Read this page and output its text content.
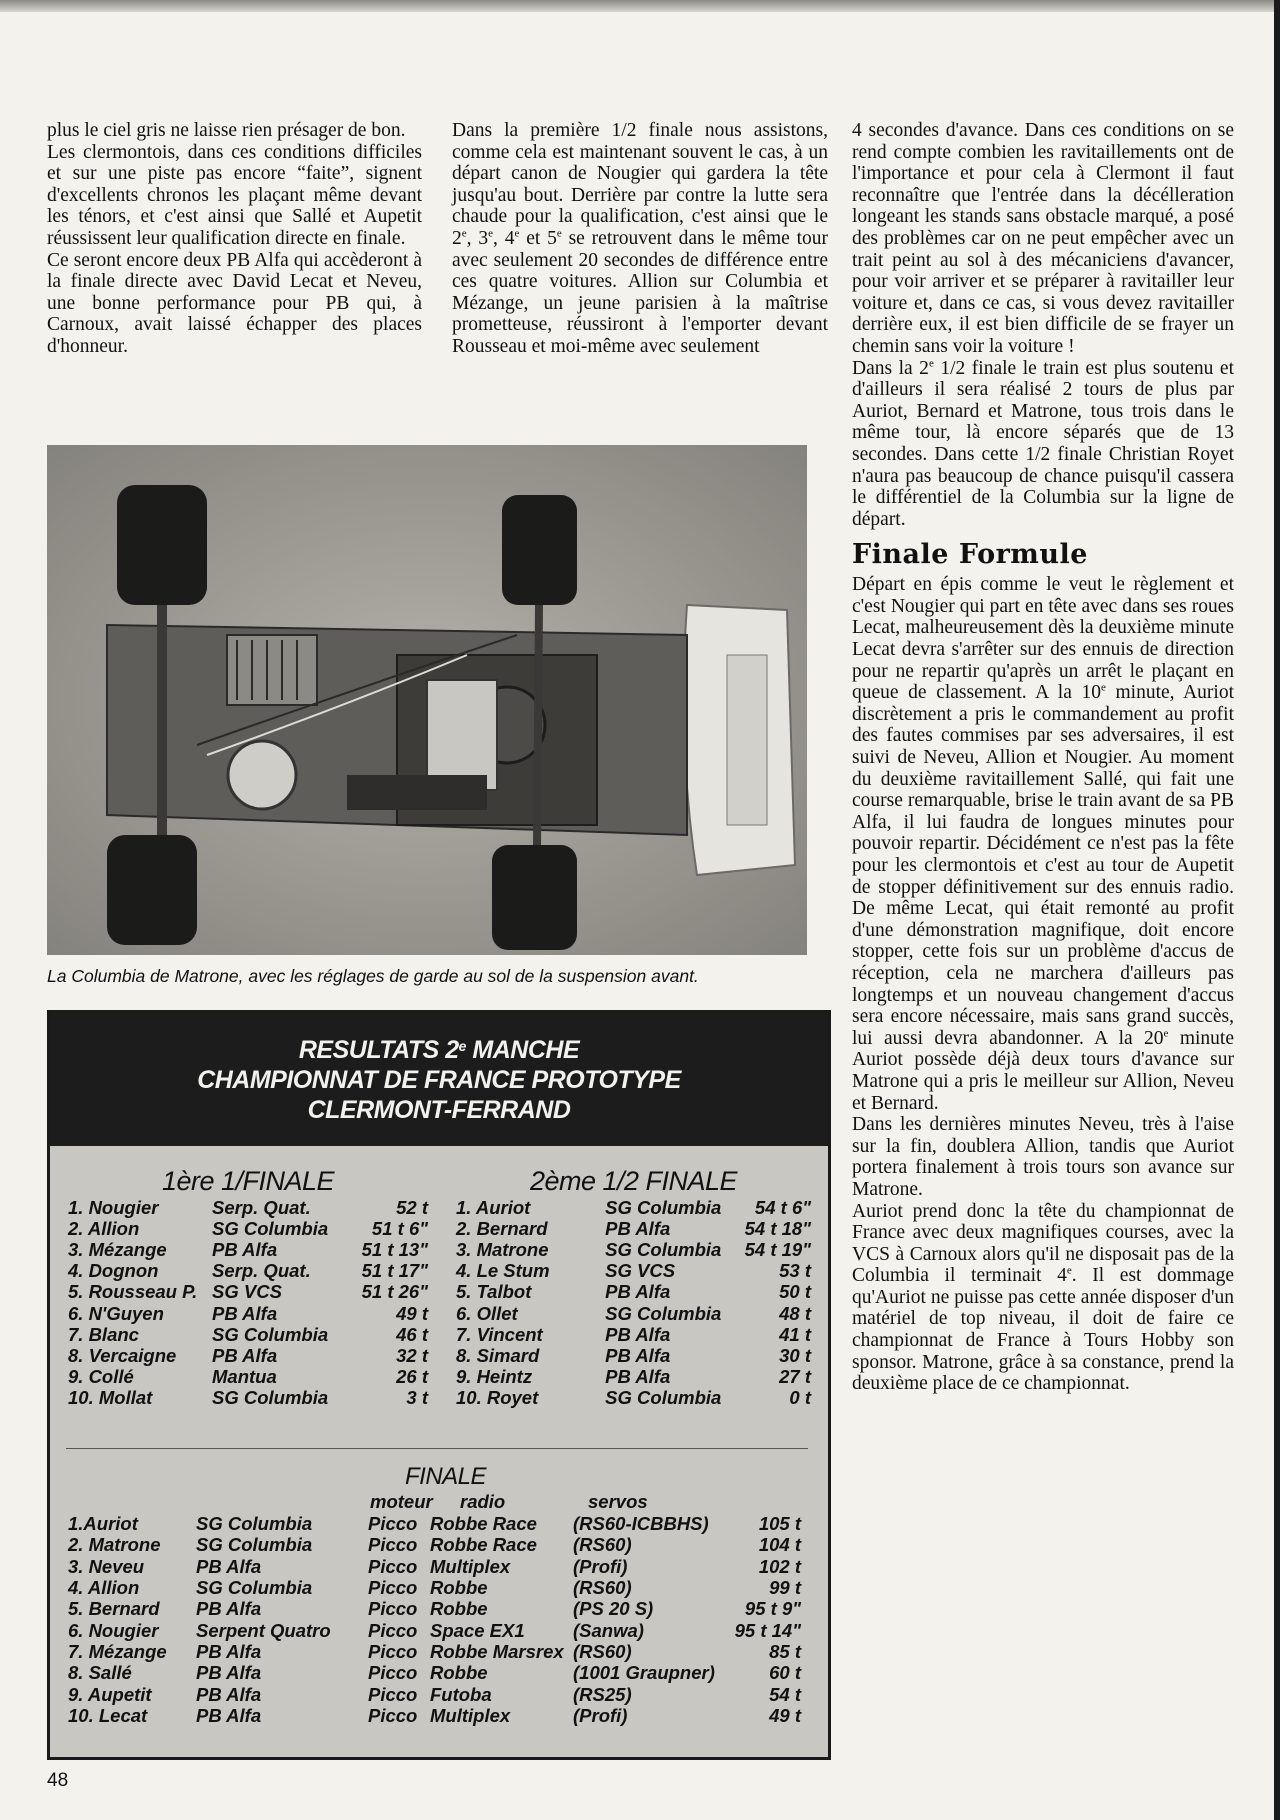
plus le ciel gris ne laisse rien présager de bon.

Les clermontois, dans ces conditions difficiles et sur une piste pas encore “faite”, signent d'excellents chronos les plaçant même devant les ténors, et c'est ainsi que Sallé et Aupetit réussissent leur qualification directe en finale.

Ce seront encore deux PB Alfa qui accèderont à la finale directe avec David Lecat et Neveu, une bonne performance pour PB qui, à Carnoux, avait laissé échapper des places d'honneur.

Dans la première 1/2 finale nous assistons, comme cela est maintenant souvent le cas, à un départ canon de Nougier qui gardera la tête jusqu'au bout. Derrière par contre la lutte sera chaude pour la qualification, c'est ainsi que le 2e, 3e, 4e et 5e se retrouvent dans le même tour avec seulement 20 secondes de différence entre ces quatre voitures. Allion sur Columbia et Mézange, un jeune parisien à la maîtrise prometteuse, réussiront à l'emporter devant Rousseau et moi-même avec seulement

4 secondes d'avance. Dans ces conditions on se rend compte combien les ravitaillements ont de l'importance et pour cela à Clermont il faut reconnaître que l'entrée dans la décélleration longeant les stands sans obstacle marqué, a posé des problèmes car on ne peut empêcher avec un trait peint au sol à des mécaniciens d'avancer, pour voir arriver et se préparer à ravitailler leur voiture et, dans ce cas, si vous devez ravitailler derrière eux, il est bien difficile de se frayer un chemin sans voir la voiture !

Dans la 2e 1/2 finale le train est plus soutenu et d'ailleurs il sera réalisé 2 tours de plus par Auriot, Bernard et Matrone, tous trois dans le même tour, là encore séparés que de 13 secondes. Dans cette 1/2 finale Christian Royet n'aura pas beaucoup de chance puisqu'il cassera le différentiel de la Columbia sur la ligne de départ.

Finale Formule

Départ en épis comme le veut le règlement et c'est Nougier qui part en tête avec dans ses roues Lecat, malheureusement dès la deuxième minute Lecat devra s'arrêter sur des ennuis de direction pour ne repartir qu'après un arrêt le plaçant en queue de classement. A la 10e minute, Auriot discrètement a pris le commandement au profit des fautes commises par ses adversaires, il est suivi de Neveu, Allion et Nougier. Au moment du deuxième ravitaillement Sallé, qui fait une course remarquable, brise le train avant de sa PB Alfa, il lui faudra de longues minutes pour pouvoir repartir. Décidément ce n'est pas la fête pour les clermontois et c'est au tour de Aupetit de stopper définitivement sur des ennuis radio. De même Lecat, qui était remonté au profit d'une démonstration magnifique, doit encore stopper, cette fois sur un problème d'accus de réception, cela ne marchera d'ailleurs pas longtemps et un nouveau changement d'accus sera encore nécessaire, mais sans grand succès, lui aussi devra abandonner. A la 20e minute Auriot possède déjà deux tours d'avance sur Matrone qui a pris le meilleur sur Allion, Neveu et Bernard.

Dans les dernières minutes Neveu, très à l'aise sur la fin, doublera Allion, tandis que Auriot portera finalement à trois tours son avance sur Matrone.

Auriot prend donc la tête du championnat de France avec deux magnifiques courses, avec la VCS à Carnoux alors qu'il ne disposait pas de la Columbia il terminait 4e. Il est dommage qu'Auriot ne puisse pas cette année disposer d'un matériel de top niveau, il doit de faire ce championnat de France à Tours Hobby son sponsor. Matrone, grâce à sa constance, prend la deuxième place de ce championnat.

La Columbia de Matrone, avec les réglages de garde au sol de la suspension avant.
RESULTATS 2e MANCHE
CHAMPIONNAT DE FRANCE PROTOTYPE
CLERMONT-FERRAND
1ère 1/FINALE
1. Nougier	Serp. Quat.	52 t
2. Allion	SG Columbia	51 t 6"
3. Mézange	PB Alfa	51 t 13"
4. Dognon	Serp. Quat.	51 t 17"
5. Rousseau P.	SG VCS	51 t 26"
6. N'Guyen	PB Alfa	49 t
7. Blanc	SG Columbia	46 t
8. Vercaigne	PB Alfa	32 t
9. Collé	Mantua	26 t
10. Mollat	SG Columbia	3 t
2ème 1/2 FINALE
1. Auriot	SG Columbia	54 t 6"
2. Bernard	PB Alfa	54 t 18"
3. Matrone	SG Columbia	54 t 19"
4. Le Stum	SG VCS	53 t
5. Talbot	PB Alfa	50 t
6. Ollet	SG Columbia	48 t
7. Vincent	PB Alfa	41 t
8. Simard	PB Alfa	30 t
9. Heintz	PB Alfa	27 t
10. Royet	SG Columbia	0 t
FINALE
moteur radio	servos
1.Auriot	SG Columbia	Picco	Robbe Race	(RS60-ICBBHS)	105 t
2. Matrone	SG Columbia	Picco	Robbe Race	(RS60)	104 t
3. Neveu	PB Alfa	Picco	Multiplex	(Profi)	102 t
4. Allion	SG Columbia	Picco	Robbe	(RS60)	99 t
5. Bernard	PB Alfa	Picco	Robbe	(PS 20 S)	95 t 9"
6. Nougier	Serpent Quatro	Picco	Space EX1	(Sanwa)	95 t 14"
7. Mézange	PB Alfa	Picco	Robbe Marsrex	(RS60)	85 t
8. Sallé	PB Alfa	Picco	Robbe	(1001 Graupner)	60 t
9. Aupetit	PB Alfa	Picco	Futoba	(RS25)	54 t
10. Lecat	PB Alfa	Picco	Multiplex	(Profi)	49 t
48
